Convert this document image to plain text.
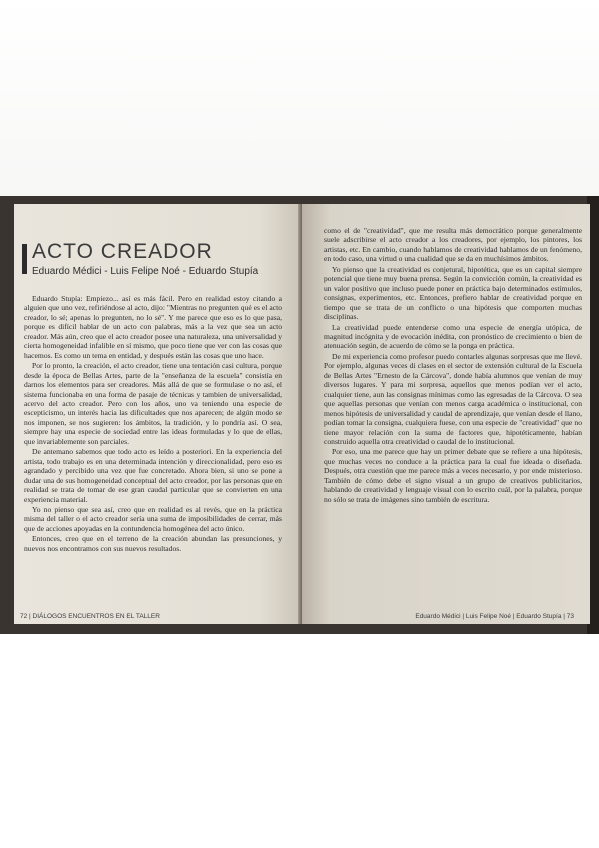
ACTO CREADOR

Eduardo Médici - Luis Felipe Noé - Eduardo Stupía

Eduardo Stupía: Empiezo... así es más fácil. Pero en realidad estoy citando a alguien que uno vez, refiriéndose al acto, dijo: "Mientras no pregunten qué es el acto creador, lo sé; apenas lo pregunten, no lo sé". Y me parece que eso es lo que pasa, porque es difícil hablar de un acto con palabras, más a la vez que sea un acto creador. Más aún, creo que el acto creador posee una naturaleza, una universalidad y cierta homogeneidad infalible en sí mismo, que poco tiene que ver con las cosas que hacemos. Es como un tema en entidad, y después están las cosas que uno hace.

Por lo pronto, la creación, el acto creador, tiene una tentación casi cultura, porque desde la época de Bellas Artes, parte de la "enseñanza de la escuela" consistía en darnos los elementos para ser creadores. Más allá de que se formulase o no así, el sistema funcionaba en una forma de pasaje de técnicas y tambien de universalidad, acervo del acto creador. Pero con los años, uno va teniendo una especie de escepticismo, un interés hacia las dificultades que nos aparecen; de algún modo se nos imponen, se nos sugieren: los ámbitos, la tradición, y lo pondría así. O sea, siempre hay una especie de sociedad entre las ideas formuladas y lo que de ellas, que invariablemente son parciales.

De antemano sabemos que todo acto es leído a posteriori. En la experiencia del artista, todo trabajo es en una determinada intención y direccionalidad, pero eso es agrandado y percibido una vez que fue concretado. Ahora bien, si uno se pone a dudar una de sus homogeneidad conceptual del acto creador, por las personas que en realidad se trata de tomar de ese gran caudal particular que se convierten en una experiencia material.

Yo no pienso que sea así, creo que en realidad es al revés, que en la práctica misma del taller o el acto creador sería una suma de imposibilidades de cerrar, más que de acciones apoyadas en la contundencia homogénea del acto único.

Entonces, creo que en el terreno de la creación abundan las presunciones, y nuevos nos encontramos con sus nuevos resultados.

72 | DIÁLOGOS ENCUENTROS EN EL TALLER

como el de "creatividad", que me resulta más democrático porque generalmente suele adscribirse el acto creador a los creadores, por ejemplo, los pintores, los artistas, etc. En cambio, cuando hablamos de creatividad hablamos de un fenómeno, en todo caso, una virtud o una cualidad que se da en muchísimos ámbitos.

Yo pienso que la creatividad es conjetural, hipotética, que es un capital siempre potencial que tiene muy buena prensa. Según la convicción común, la creatividad es un valor positivo que incluso puede poner en práctica bajo determinados estímulos, consignas, experimentos, etc. Entonces, prefiero hablar de creatividad porque en tiempo que se trata de un conflicto o una hipótesis que comporten muchas disciplinas.

La creatividad puede entenderse como una especie de energía utópica, de magnitud incógnita y de evocación inédita, con pronóstico de crecimiento o bien de atenuación según, de acuerdo de cómo se la ponga en práctica.

De mi experiencia como profesor puedo contarles algunas sorpresas que me llevé. Por ejemplo, algunas veces di clases en el sector de extensión cultural de la Escuela de Bellas Artes "Ernesto de la Cárcova", donde había alumnos que venían de muy diversos lugares. Y para mi sorpresa, aquellos que menos podían ver el acto, cualquier tiene, aun las consignas mínimas como las egresadas de la Cárcova. O sea que aquellas personas que venían con menos carga académica o institucional, con menos hipótesis de universalidad y caudal de aprendizaje, que venían desde el llano, podían tomar la consigna, cualquiera fuese, con una especie de "creatividad" que no tiene mayor relación con la suma de factores que, hipotéticamente, habían construido aquella otra creatividad o caudal de lo institucional.

Por eso, una me parece que hay un primer debate que se refiere a una hipótesis, que muchas veces no conduce a la práctica para la cual fue ideada o diseñada. Después, otra cuestión que me parece más a veces necesario, y por ende misterioso. También de cómo debe el signo visual a un grupo de creativos publicitarios, hablando de creatividad y lenguaje visual con lo escrito cuál, por la palabra, porque no sólo se trata de imágenes sino también de escritura.

Eduardo Médici | Luis Felipe Noé | Eduardo Stupía | 73
